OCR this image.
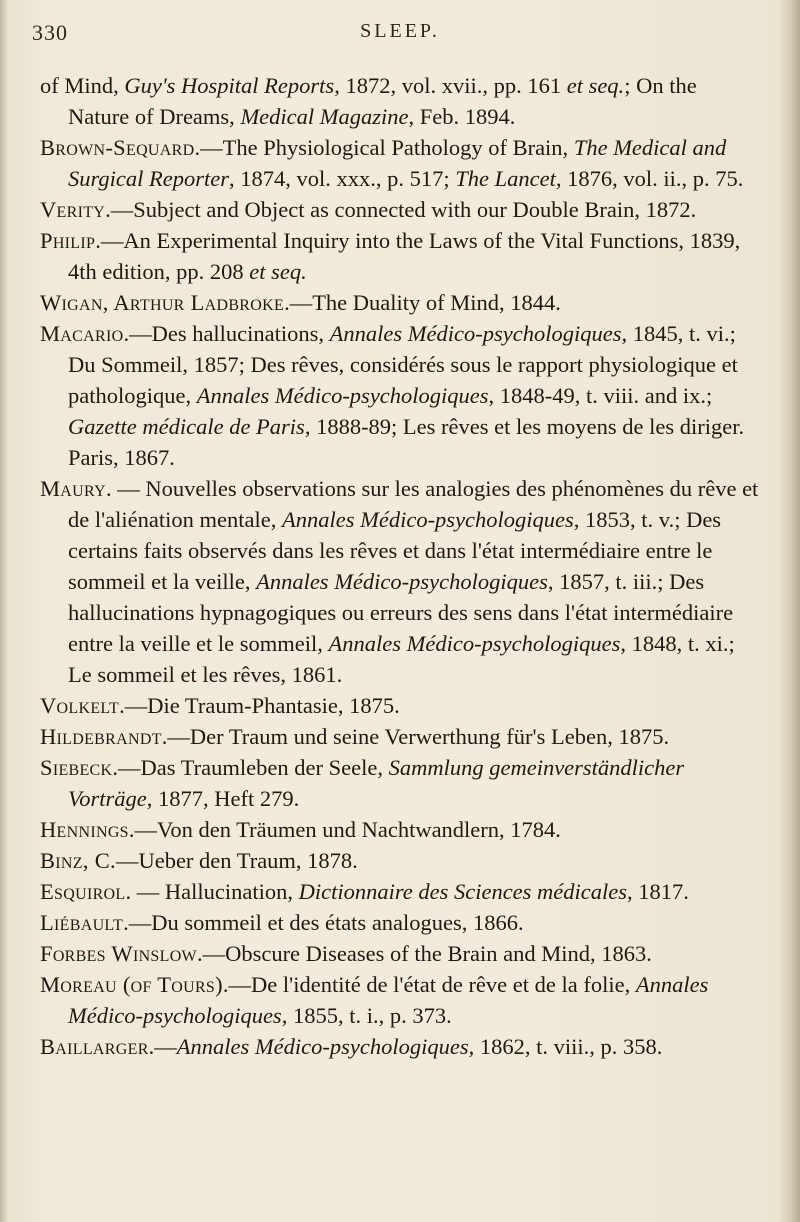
330	SLEEP.

of Mind, Guy's Hospital Reports, 1872, vol. xvii., pp. 161 et seq.; On the Nature of Dreams, Medical Magazine, Feb. 1894.

Brown-Sequard.—The Physiological Pathology of Brain, The Medical and Surgical Reporter, 1874, vol. xxx., p. 517; The Lancet, 1876, vol. ii., p. 75.

Verity.—Subject and Object as connected with our Double Brain, 1872.

Philip.—An Experimental Inquiry into the Laws of the Vital Functions, 1839, 4th edition, pp. 208 et seq.

Wigan, Arthur Ladbroke.—The Duality of Mind, 1844.

Macario.—Des hallucinations, Annales Médico-psychologiques, 1845, t. vi.; Du Sommeil, 1857; Des rêves, considérés sous le rapport physiologique et pathologique, Annales Médico-psychologiques, 1848-49, t. viii. and ix.; Gazette médicale de Paris, 1888-89; Les rêves et les moyens de les diriger. Paris, 1867.

Maury. — Nouvelles observations sur les analogies des phénomènes du rêve et de l'aliénation mentale, Annales Médico-psychologiques, 1853, t. v.; Des certains faits observés dans les rêves et dans l'état intermédiaire entre le sommeil et la veille, Annales Médico-psychologiques, 1857, t. iii.; Des hallucinations hypnagogiques ou erreurs des sens dans l'état intermédiaire entre la veille et le sommeil, Annales Médico-psychologiques, 1848, t. xi.; Le sommeil et les rêves, 1861.

Volkelt.—Die Traum-Phantasie, 1875.

Hildebrandt.—Der Traum und seine Verwerthung für's Leben, 1875.

Siebeck.—Das Traumleben der Seele, Sammlung gemeinverständlicher Vorträge, 1877, Heft 279.

Hennings.—Von den Träumen und Nachtwandlern, 1784.

Binz, C.—Ueber den Traum, 1878.

Esquirol. — Hallucination, Dictionnaire des Sciences médicales, 1817.

Liébault.—Du sommeil et des états analogues, 1866.

Forbes Winslow.—Obscure Diseases of the Brain and Mind, 1863.

Moreau (of Tours).—De l'identité de l'état de rêve et de la folie, Annales Médico-psychologiques, 1855, t. i., p. 373.

Baillarger.—Annales Médico-psychologiques, 1862, t. viii., p. 358.
